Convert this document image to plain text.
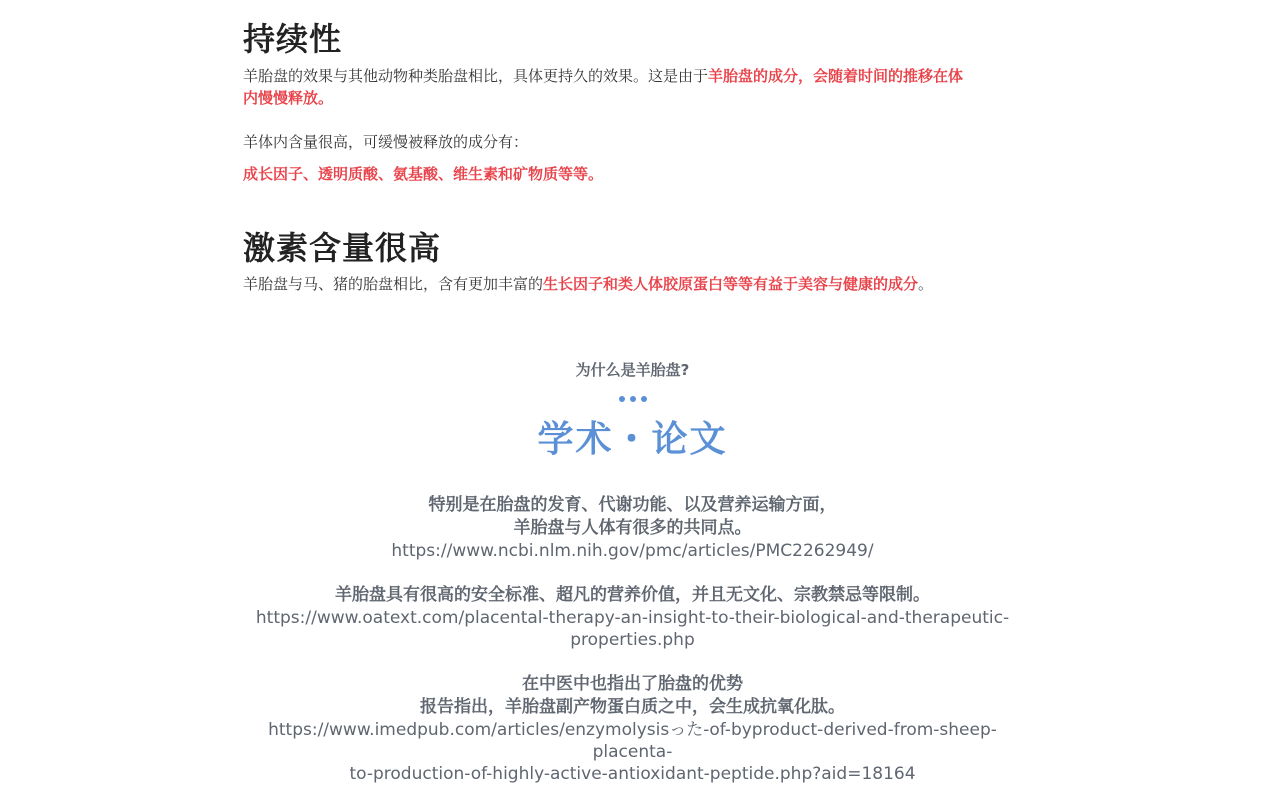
持续性

羊胎盘的效果与其他动物种类胎盘相比，具体更持久的效果。这是由于羊胎盘的成分，会随着时间的推移在体
内慢慢释放。

羊体内含量很高，可缓慢被释放的成分有：

成长因子、透明质酸、氨基酸、维生素和矿物质等等。

激素含量很高

羊胎盘与马、猪的胎盘相比，含有更加丰富的生长因子和类人体胶原蛋白等等有益于美容与健康的成分。

为什么是羊胎盘?

学术・论文

特别是在胎盘的发育、代谢功能、以及营养运输方面，

羊胎盘与人体有很多的共同点。

https://www.ncbi.nlm.nih.gov/pmc/articles/PMC2262949/

羊胎盘具有很高的安全标准、超凡的营养价值，并且无文化、宗教禁忌等限制。

https://www.oatext.com/placental-therapy-an-insight-to-their-biological-and-therapeutic-

properties.php

在中医中也指出了胎盘的优势

报告指出，羊胎盘副产物蛋白质之中，会生成抗氧化肽。

https://www.imedpub.com/articles/enzymolysisった-of-byproduct-derived-from-sheep-placenta-

to-production-of-highly-active-antioxidant-peptide.php?aid=18164
